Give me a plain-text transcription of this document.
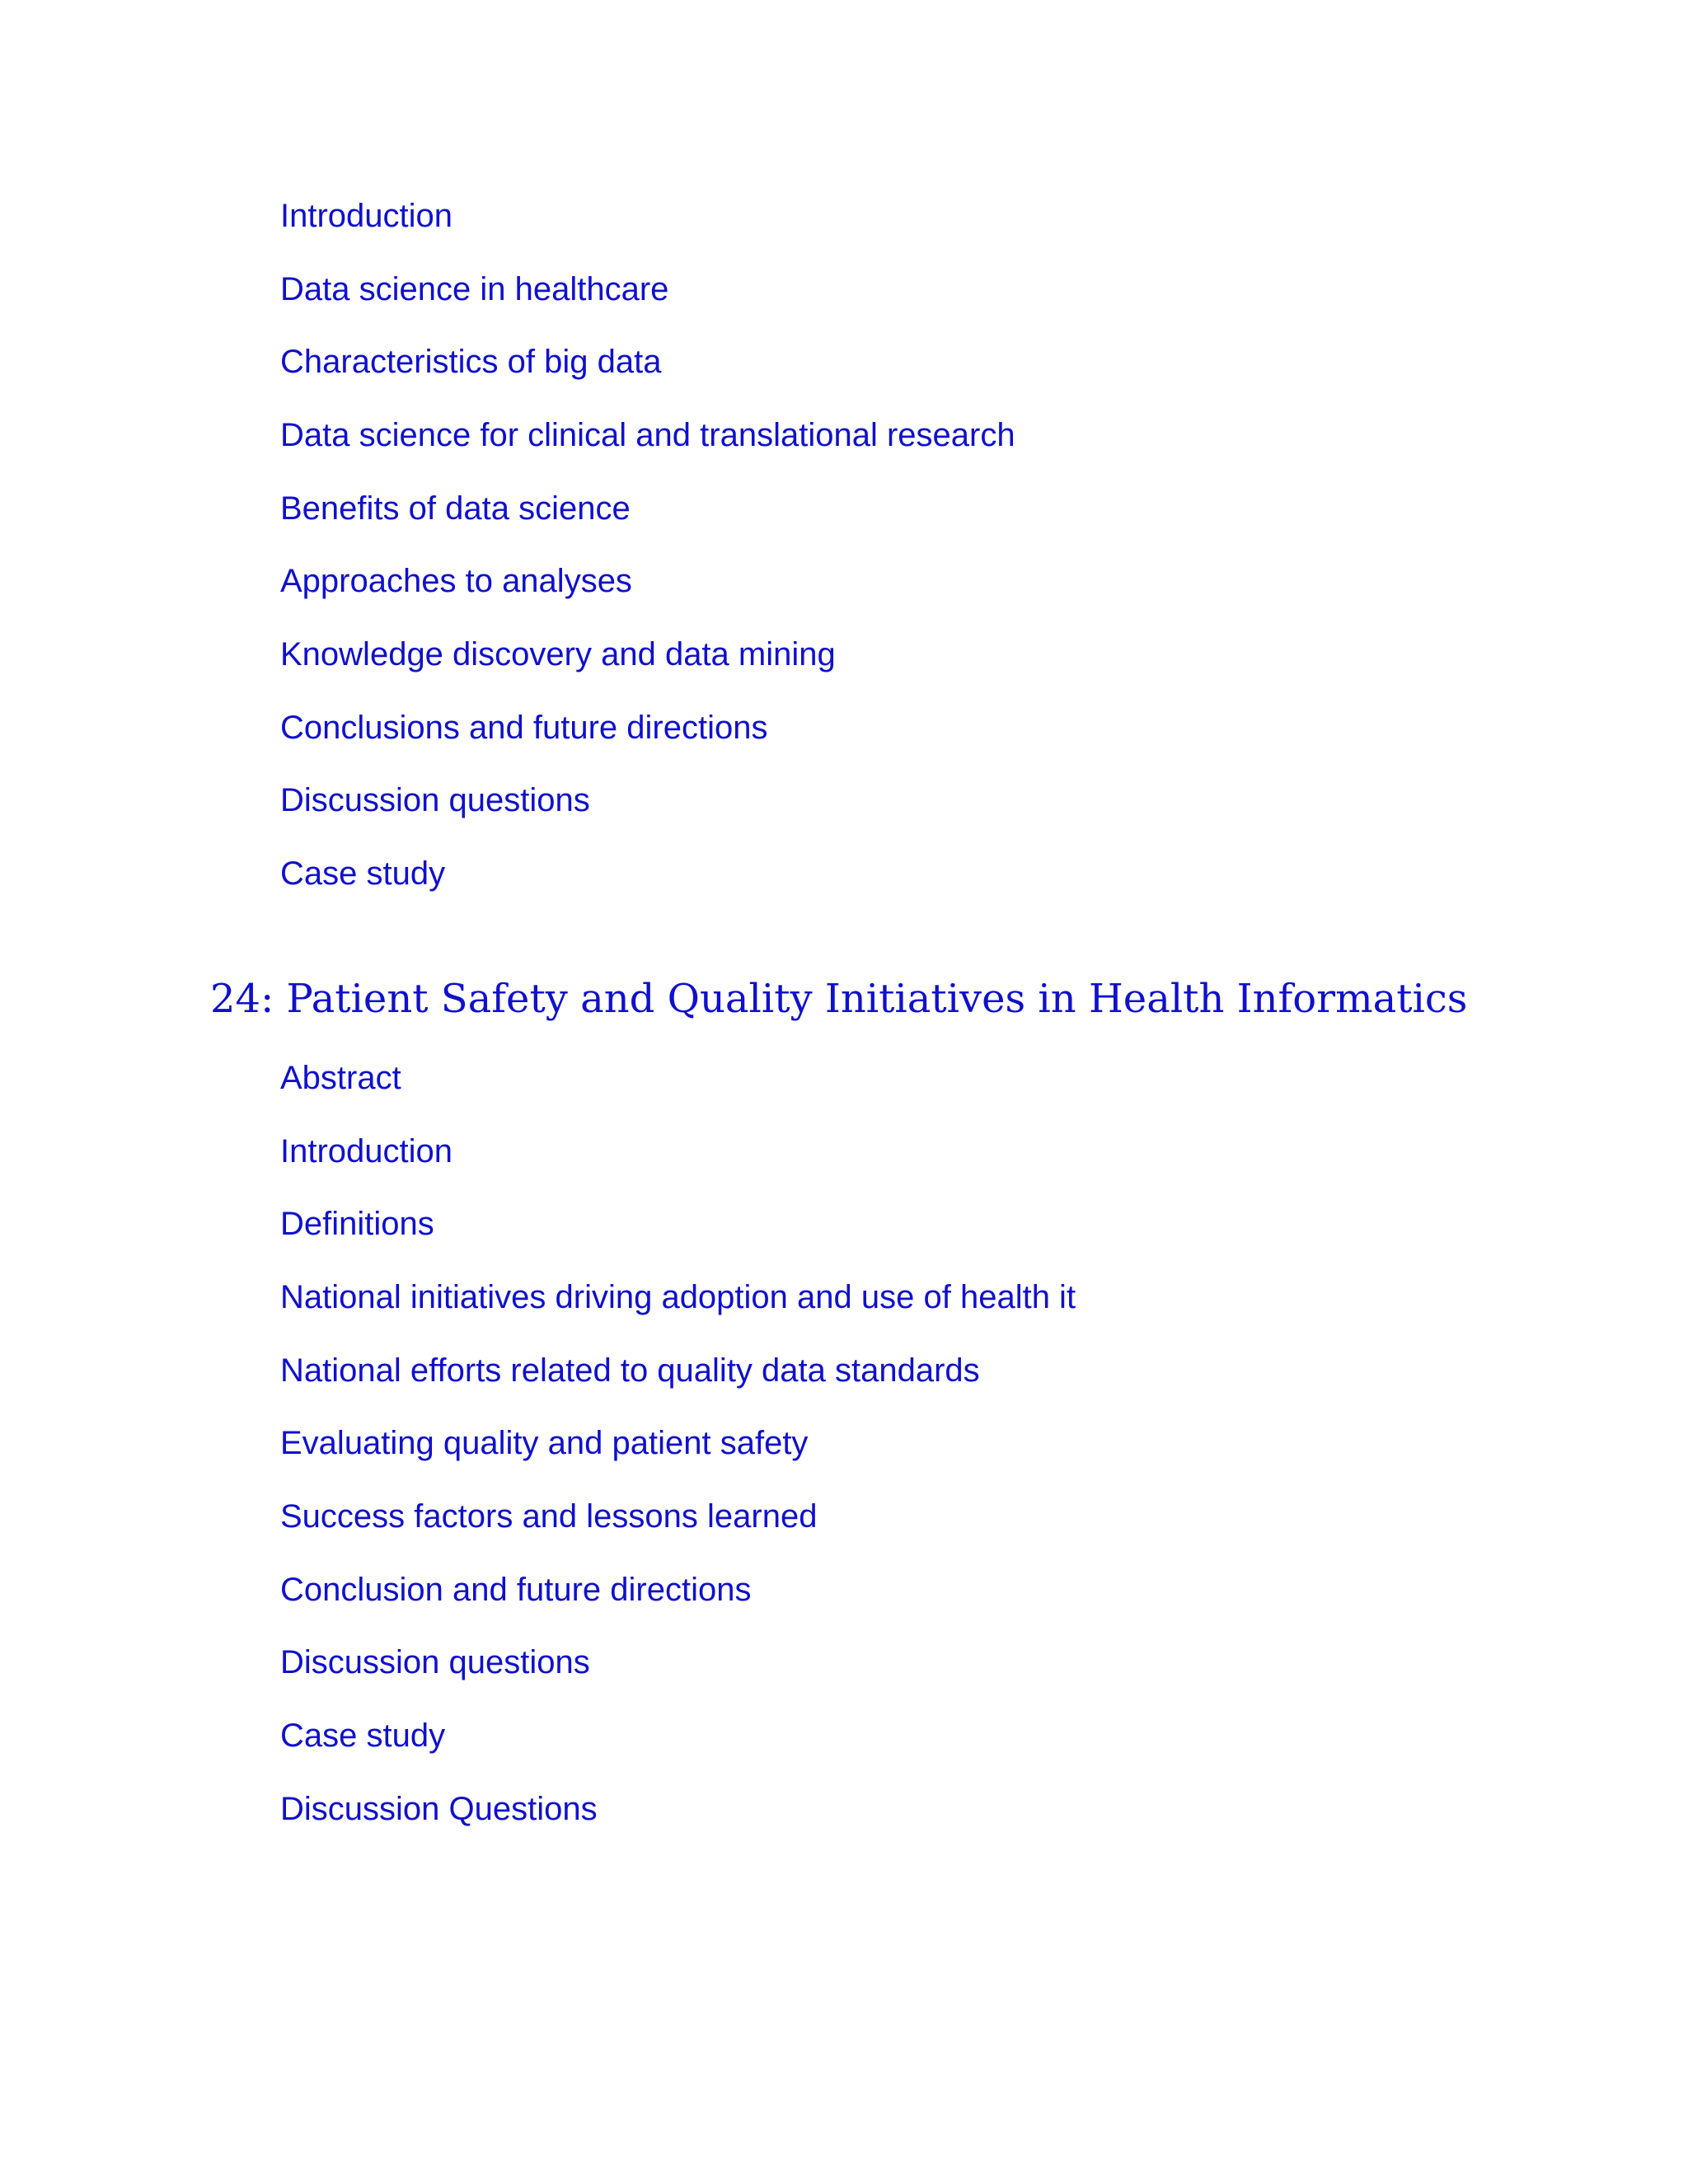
Introduction
Data science in healthcare
Characteristics of big data
Data science for clinical and translational research
Benefits of data science
Approaches to analyses
Knowledge discovery and data mining
Conclusions and future directions
Discussion questions
Case study
24: Patient Safety and Quality Initiatives in Health Informatics
Abstract
Introduction
Definitions
National initiatives driving adoption and use of health it
National efforts related to quality data standards
Evaluating quality and patient safety
Success factors and lessons learned
Conclusion and future directions
Discussion questions
Case study
Discussion Questions
